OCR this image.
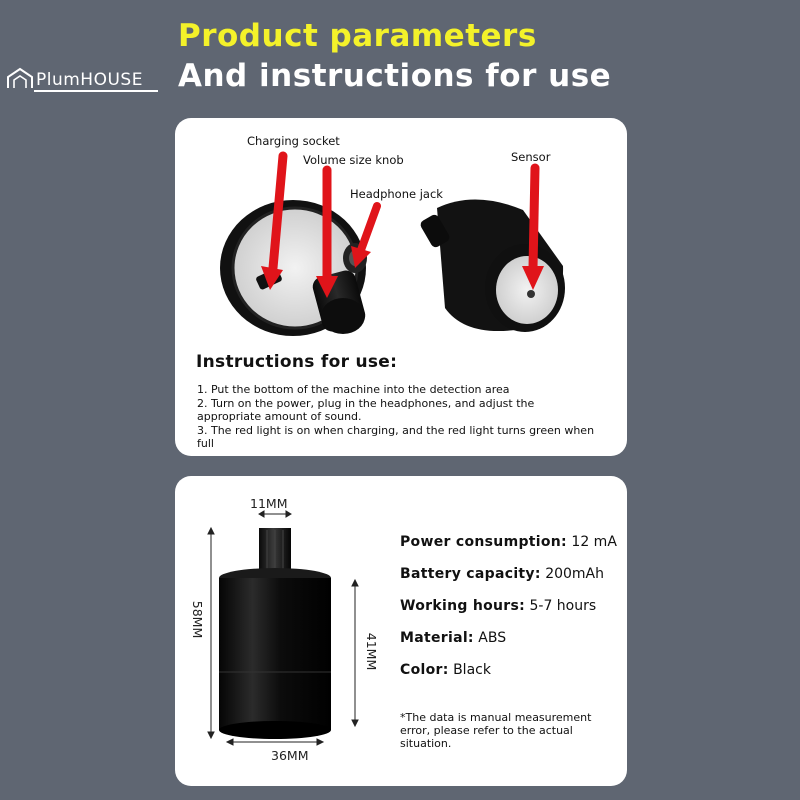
PlumHOUSE
Product parameters
And instructions for use
Charging socket
Volume size knob
Headphone jack
Sensor
Instructions for use:
1. Put the bottom of the machine into the detection area
2. Turn on the power, plug in the headphones, and adjust the appropriate amount of sound.
3. The red light is on when charging, and the red light turns green when full
11MM
58MM
41MM
36MM
Power consumption: 12 mA
Battery capacity: 200mAh
Working hours: 5-7 hours
Material: ABS
Color: Black
*The data is manual measurement error, please refer to the actual situation.
